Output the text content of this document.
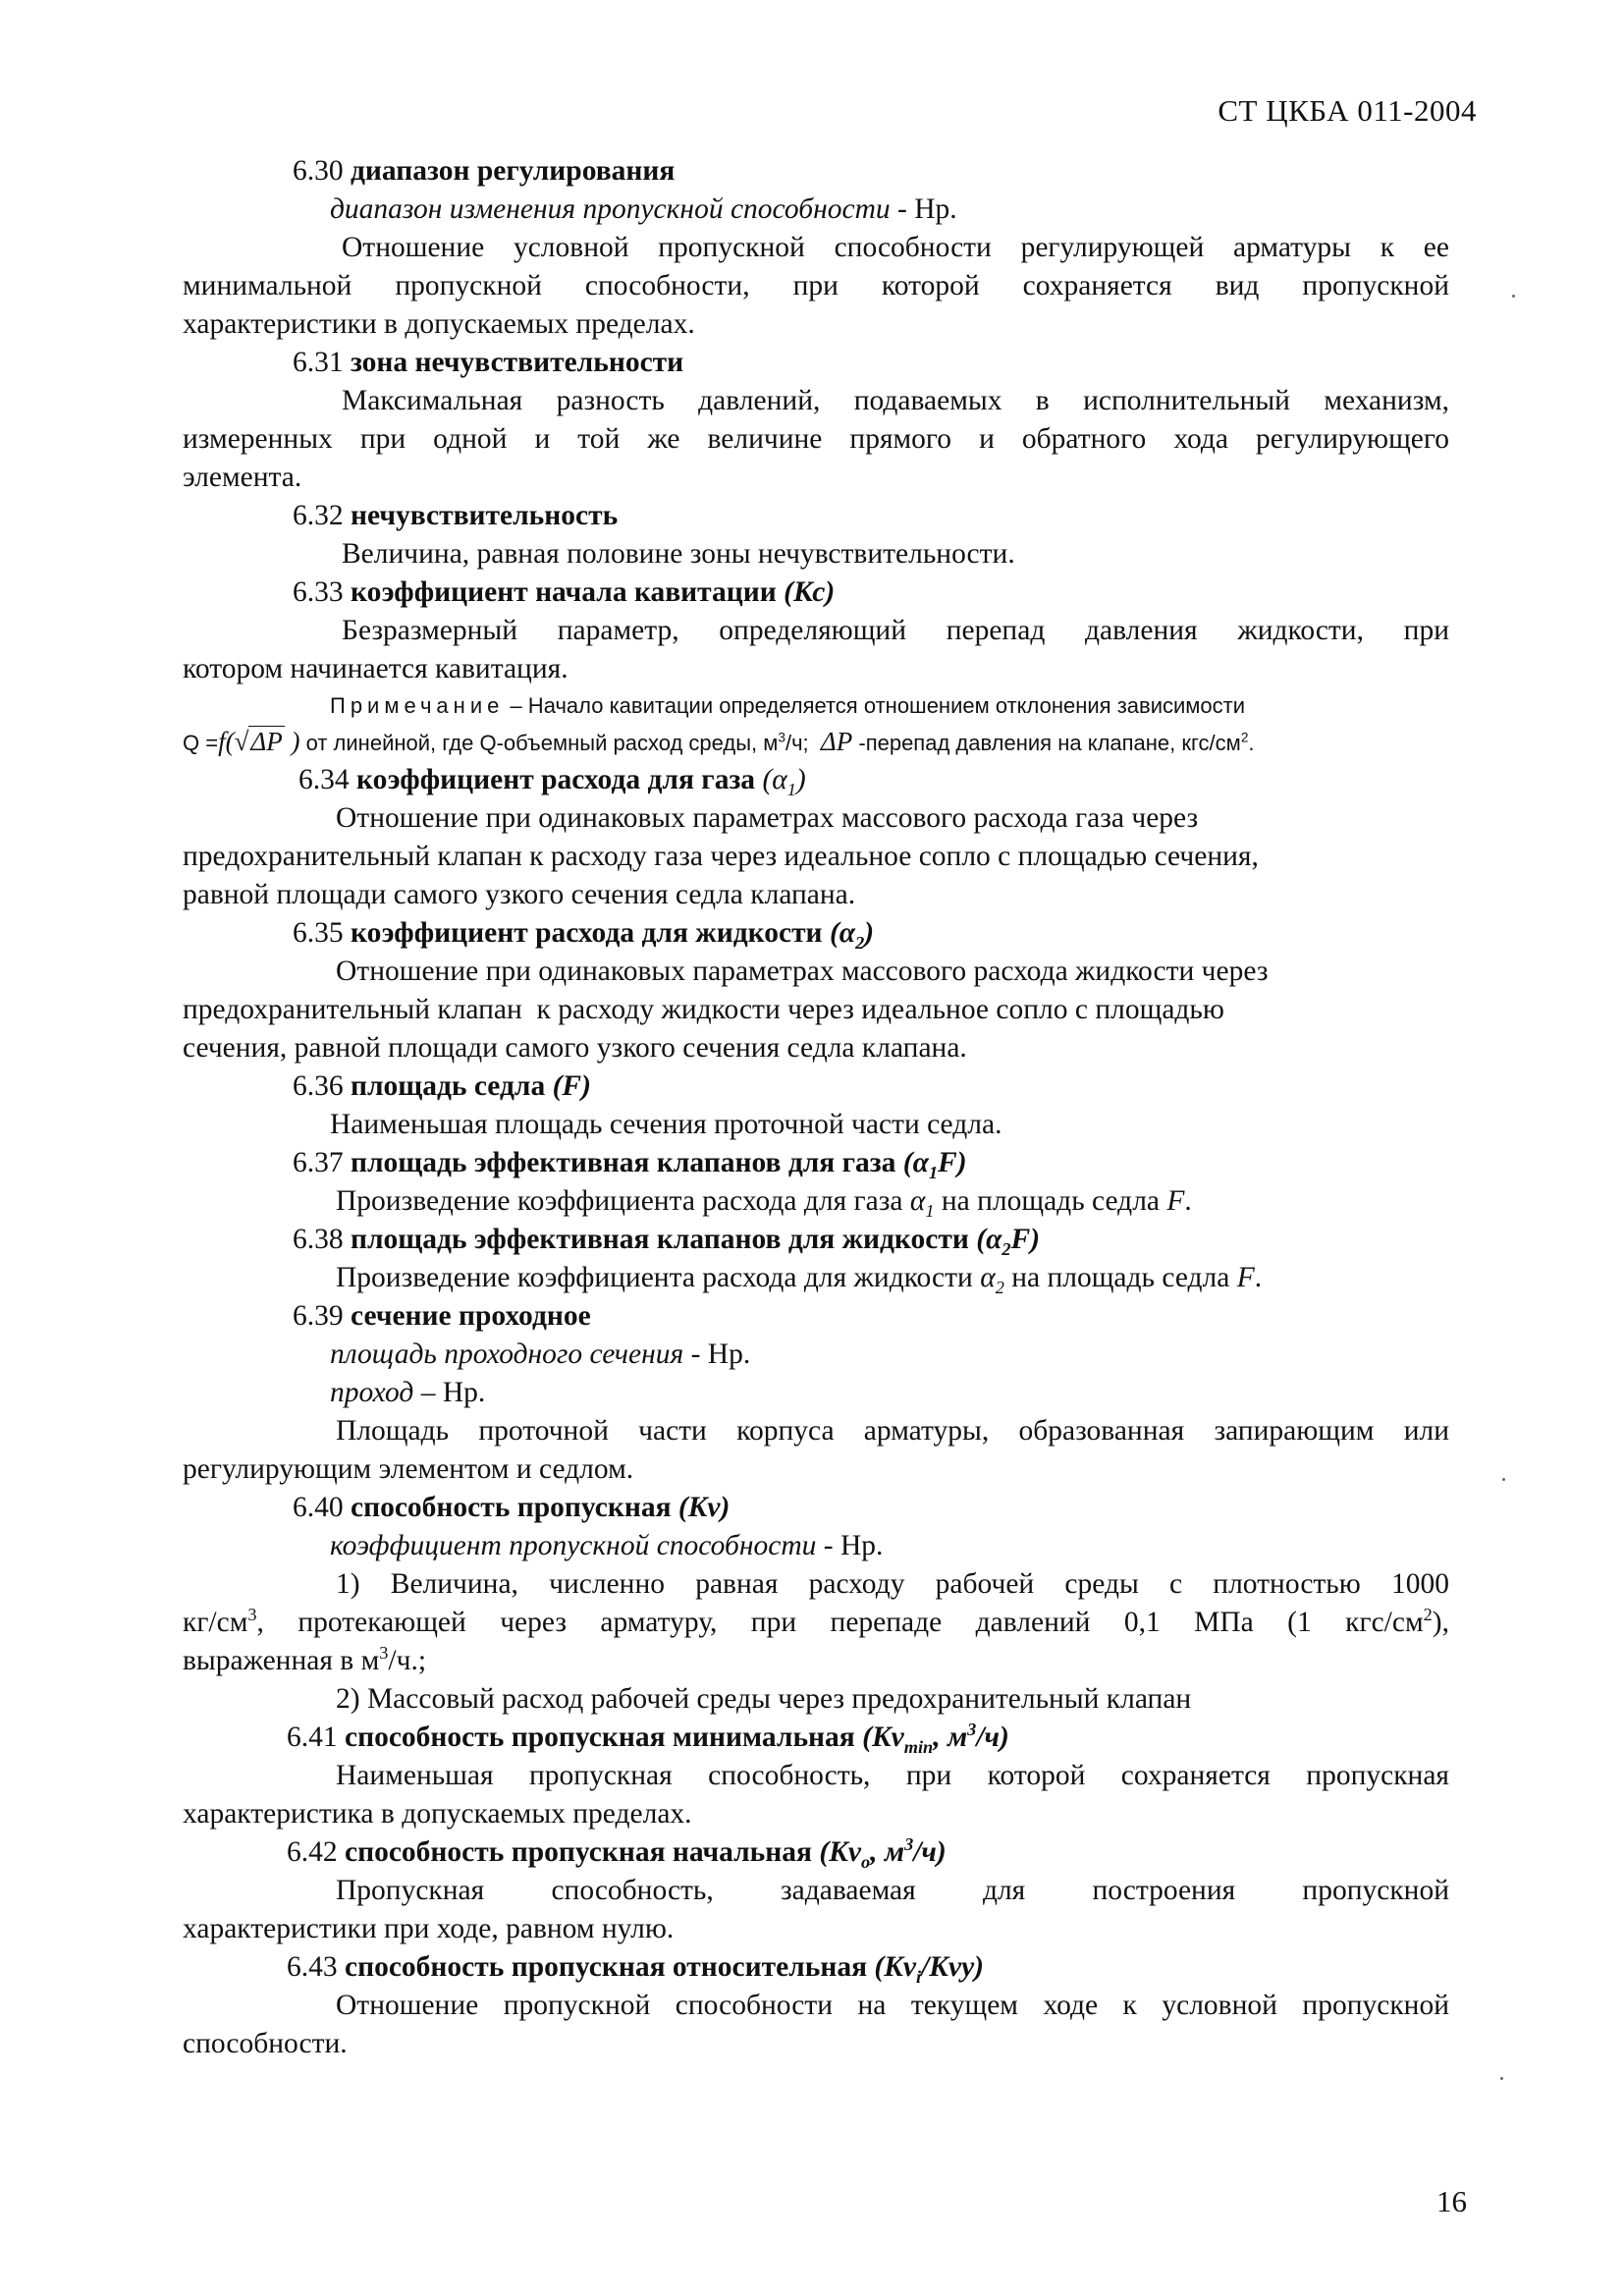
СТ ЦКБА 011-2004

6.30 диапазон регулирования

диапазон изменения пропускной способности - Нр.

Отношение условной пропускной способности регулирующей арматуры к ее

минимальной пропускной способности, при которой сохраняется вид пропускной

характеристики в допускаемых пределах.

6.31 зона нечувствительности

Максимальная разность давлений, подаваемых в исполнительный механизм,

измеренных при одной и той же величине прямого и обратного хода регулирующего

элемента.

6.32 нечувствительность

Величина, равная половине зоны нечувствительности.

6.33 коэффициент начала кавитации (Кс)

Безразмерный параметр, определяющий перепад давления жидкости, при

котором начинается кавитация.

Примечание – Начало кавитации определяется отношением отклонения зависимости

Q =f(√ΔP ) от линейной, где Q-объемный расход среды, $м^3/ч$; ΔP -перепад давления на клапане, кгс/$см^2$.

6.34 коэффициент расхода для газа $(\alpha_1)$

Отношение при одинаковых параметрах массового расхода газа через

предохранительный клапан к расходу газа через идеальное сопло с площадью сечения,

равной площади самого узкого сечения седла клапана.

6.35 коэффициент расхода для жидкости $(\alpha_2)$

Отношение при одинаковых параметрах массового расхода жидкости через

предохранительный клапан  к расходу жидкости через идеальное сопло с площадью

сечения, равной площади самого узкого сечения седла клапана.

6.36 площадь седла (F)

Наименьшая площадь сечения проточной части седла.

6.37 площадь эффективная клапанов для газа $(\alpha_1F)$

Произведение коэффициента расхода для газа $\alpha_1$ на площадь седла F.

6.38 площадь эффективная клапанов для жидкости $(\alpha_2F)$

Произведение коэффициента расхода для жидкости $\alpha_2$ на площадь седла F.

6.39 сечение проходное

площадь проходного сечения - Нр.

проход – Нр.

Площадь проточной части корпуса арматуры, образованная запирающим или

регулирующим элементом и седлом.

6.40 способность пропускная (Kv)

коэффициент пропускной способности - Нр.

1) Величина, численно равная расходу рабочей среды с плотностью 1000

$кг/см^3$, протекающей через арматуру, при перепаде давлений 0,1 МПа (1 кгс/$см^2$),

выраженная в $м^3/ч$.;

2) Массовый расход рабочей среды через предохранительный клапан

6.41 способность пропускная минимальная ($Kv_{min}$, $м^3/ч$)

Наименьшая пропускная способность, при которой сохраняется пропускная

характеристика в допускаемых пределах.

6.42 способность пропускная начальная ($Kv_o$, $м^3/ч$)

Пропускная способность, задаваемая для построения пропускной

характеристики при ходе, равном нулю.

6.43 способность пропускная относительная $(Kv_i/Kvy)$

Отношение пропускной способности на текущем ходе к условной пропускной

способности.

16
